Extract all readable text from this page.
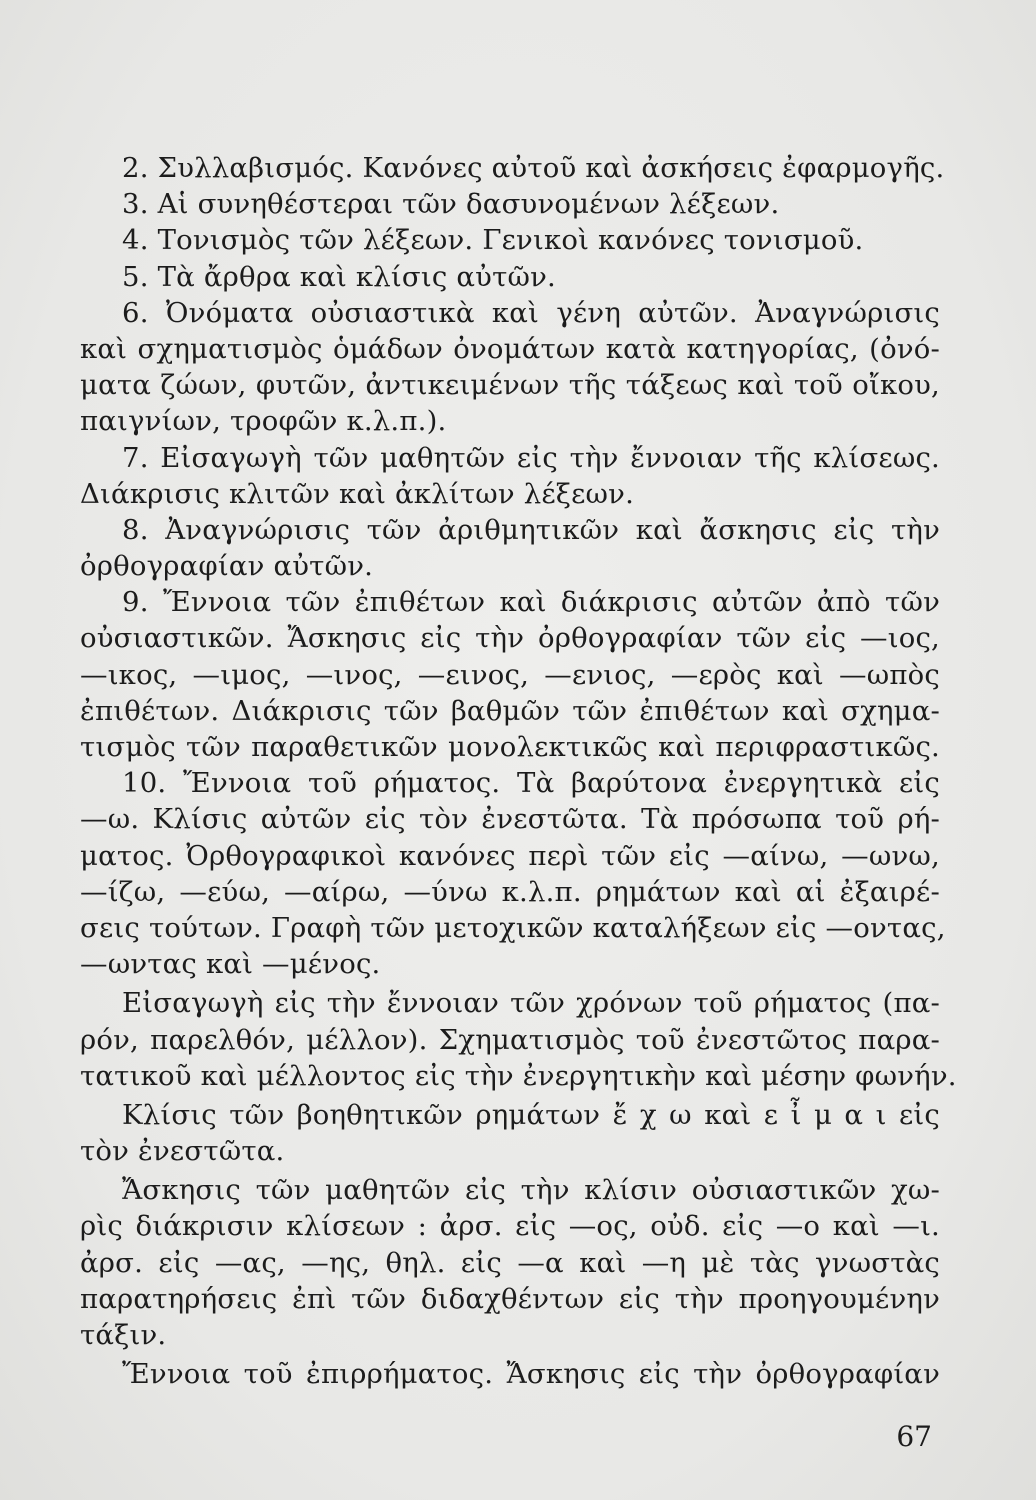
2. Συλλαβισμός. Κανόνες αὐτοῦ καὶ ἀσκήσεις ἐφαρμογῆς.
3. Αἱ συνηθέστεραι τῶν δασυνομένων λέξεων.
4. Τονισμὸς τῶν λέξεων. Γενικοὶ κανόνες τονισμοῦ.
5. Τὰ ἄρθρα καὶ κλίσις αὐτῶν.
6. Ὀνόματα οὐσιαστικὰ καὶ γένη αὐτῶν. Ἀναγνώρισις
καὶ σχηματισμὸς ὁμάδων ὀνομάτων κατὰ κατηγορίας, (ὀνό-
ματα ζώων, φυτῶν, ἀντικειμένων τῆς τάξεως καὶ τοῦ οἴκου,
παιγνίων, τροφῶν κ.λ.π.).
7. Εἰσαγωγὴ τῶν μαθητῶν εἰς τὴν ἔννοιαν τῆς κλίσεως.
Διάκρισις κλιτῶν καὶ ἀκλίτων λέξεων.
8. Ἀναγνώρισις τῶν ἀριθμητικῶν καὶ ἄσκησις εἰς τὴν
ὀρθογραφίαν αὐτῶν.
9. Ἔννοια τῶν ἐπιθέτων καὶ διάκρισις αὐτῶν ἀπὸ τῶν
οὐσιαστικῶν. Ἄσκησις εἰς τὴν ὀρθογραφίαν τῶν εἰς —ιος,
—ικος, —ιμος, —ινος, —εινος, —ενιος, —ερὸς καὶ —ωπὸς
ἐπιθέτων. Διάκρισις τῶν βαθμῶν τῶν ἐπιθέτων καὶ σχημα-
τισμὸς τῶν παραθετικῶν μονολεκτικῶς καὶ περιφραστικῶς.
10. Ἔννοια τοῦ ρήματος. Τὰ βαρύτονα ἐνεργητικὰ εἰς
—ω. Κλίσις αὐτῶν εἰς τὸν ἐνεστῶτα. Τὰ πρόσωπα τοῦ ρή-
ματος. Ὀρθογραφικοὶ κανόνες περὶ τῶν εἰς —αίνω, —ωνω,
—ίζω, —εύω, —αίρω, —ύνω κ.λ.π. ρημάτων καὶ αἱ ἐξαιρέ-
σεις τούτων. Γραφὴ τῶν μετοχικῶν καταλήξεων εἰς —οντας,
—ωντας καὶ —μένος.
Εἰσαγωγὴ εἰς τὴν ἔννοιαν τῶν χρόνων τοῦ ρήματος (πα-
ρόν, παρελθόν, μέλλον). Σχηματισμὸς τοῦ ἐνεστῶτος παρα-
τατικοῦ καὶ μέλλοντος εἰς τὴν ἐνεργητικὴν καὶ μέσην φωνήν.
Κλίσις τῶν βοηθητικῶν ρημάτων ἔ χ ω καὶ ε ἶ μ α ι εἰς
τὸν ἐνεστῶτα.
Ἄσκησις τῶν μαθητῶν εἰς τὴν κλίσιν οὐσιαστικῶν χω-
ρὶς διάκρισιν κλίσεων : ἀρσ. εἰς —ος, οὐδ. εἰς —ο καὶ —ι.
ἀρσ. εἰς —ας, —ης, θηλ. εἰς —α καὶ —η μὲ τὰς γνωστὰς
παρατηρήσεις ἐπὶ τῶν διδαχθέντων εἰς τὴν προηγουμένην
τάξιν.
Ἔννοια τοῦ ἐπιρρήματος. Ἄσκησις εἰς τὴν ὀρθογραφίαν
67
